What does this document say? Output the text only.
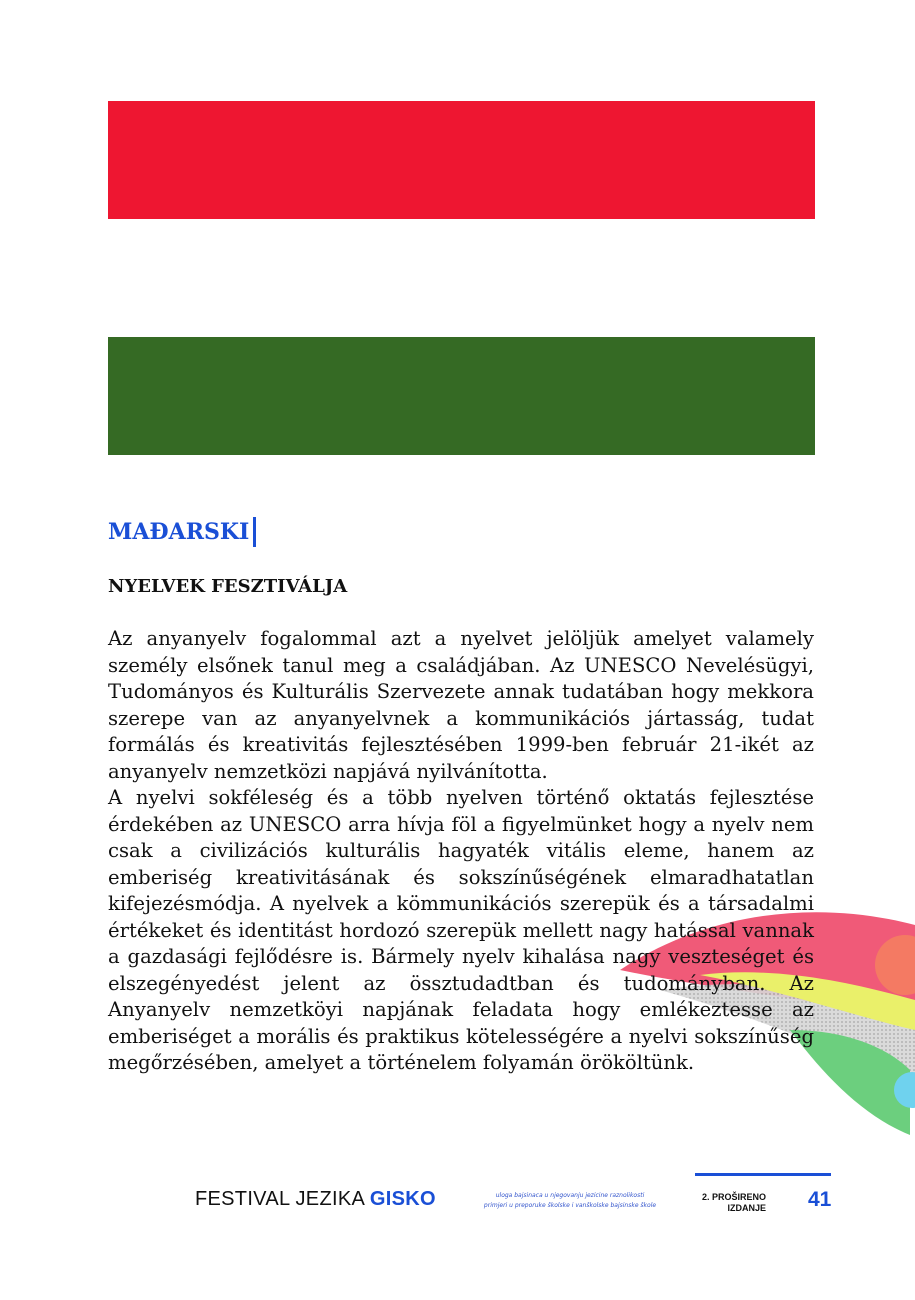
MAĐARSKI
NYELVEK FESZTIVÁLJA

Az anyanyelv fogalommal azt a nyelvet jelöljük amelyet valamely személy elsőnek tanul meg a családjában. Az UNESCO Nevelésügyi, Tudományos és Kulturális Szervezete annak tudatában hogy mekkora szerepe van az anyanyelvnek a kommunikációs jártasság, tudat formálás és kreativitás fejlesztésében 1999-ben február 21-ikét az anyanyelv nemzetközi napjává nyilvánította.

A nyelvi sokféleség és a több nyelven történő oktatás fejlesztése érdekében az UNESCO arra hívja föl a figyelmünket hogy a nyelv nem csak a civilizációs kulturális hagyaték vitális eleme, hanem az emberiség kreativitásának és sokszínűségének elmaradhatatlan kifejezésmódja. A nyelvek a kömmunikációs szerepük és a társadalmi értékeket és identitást hordozó szerepük mellett nagy hatással vannak a gazdasági fejlődésre is. Bármely nyelv kihalása nagy veszteséget és elszegényedést jelent az össztudadtban és tudományban. Az Anyanyelv nemzetköyi napjának feladata hogy emlékeztesse az emberiséget a morális és praktikus kötelességére a nyelvi sokszínűség megőrzésében, amelyet a történelem folyamán örököltünk.

FESTIVAL JEZIKA GISKO	uloga bajsinaca u njegovanju jezicine raznolikosti
primjeri u preporuke školske i vanškolske bajsinske škole
2. PROŠIRENO
IZDANJE 41
